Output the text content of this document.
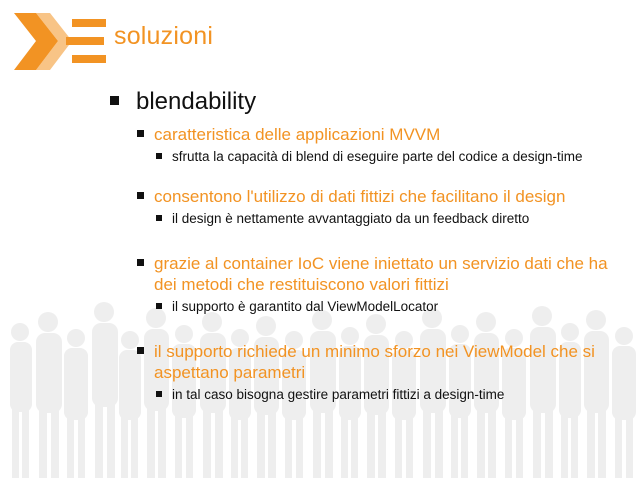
soluzioni
blendability
caratteristica delle applicazioni MVVM
sfrutta la capacità di blend di eseguire parte del codice a design-time
consentono l'utilizzo di dati fittizi che facilitano il design
il design è nettamente avvantaggiato da un feedback diretto
grazie al container IoC viene iniettato un servizio dati che ha dei metodi che restituiscono valori fittizi
il supporto è garantito dal ViewModelLocator
il supporto richiede un minimo sforzo nei ViewModel che si aspettano parametri
in tal caso bisogna gestire parametri fittizi a design-time
